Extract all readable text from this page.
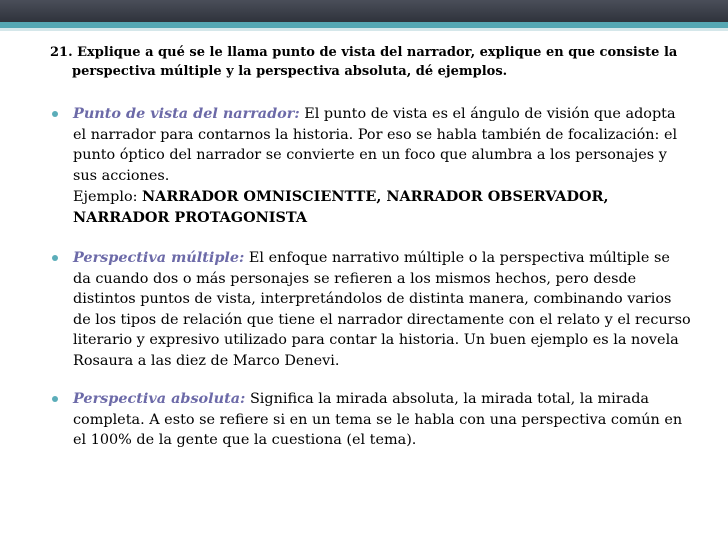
21. Explique a qué se le llama punto de vista del narrador, explique en que consiste la perspectiva múltiple y la perspectiva absoluta, dé ejemplos.
Punto de vista del narrador: El punto de vista es el ángulo de visión que adopta el narrador para contarnos la historia. Por eso se habla también de focalización: el punto óptico del narrador se convierte en un foco que alumbra a los personajes y sus acciones.
Ejemplo: NARRADOR OMNISCIENTTE, NARRADOR OBSERVADOR, NARRADOR PROTAGONISTA
Perspectiva múltiple: El enfoque narrativo múltiple o la perspectiva múltiple se da cuando dos o más personajes se refieren a los mismos hechos, pero desde distintos puntos de vista, interpretándolos de distinta manera, combinando varios de los tipos de relación que tiene el narrador directamente con el relato y el recurso literario y expresivo utilizado para contar la historia. Un buen ejemplo es la novela Rosaura a las diez de Marco Denevi.
Perspectiva absoluta: Significa la mirada absoluta, la mirada total, la mirada completa. A esto se refiere si en un tema se le habla con una perspectiva común en el 100% de la gente que la cuestiona (el tema).
